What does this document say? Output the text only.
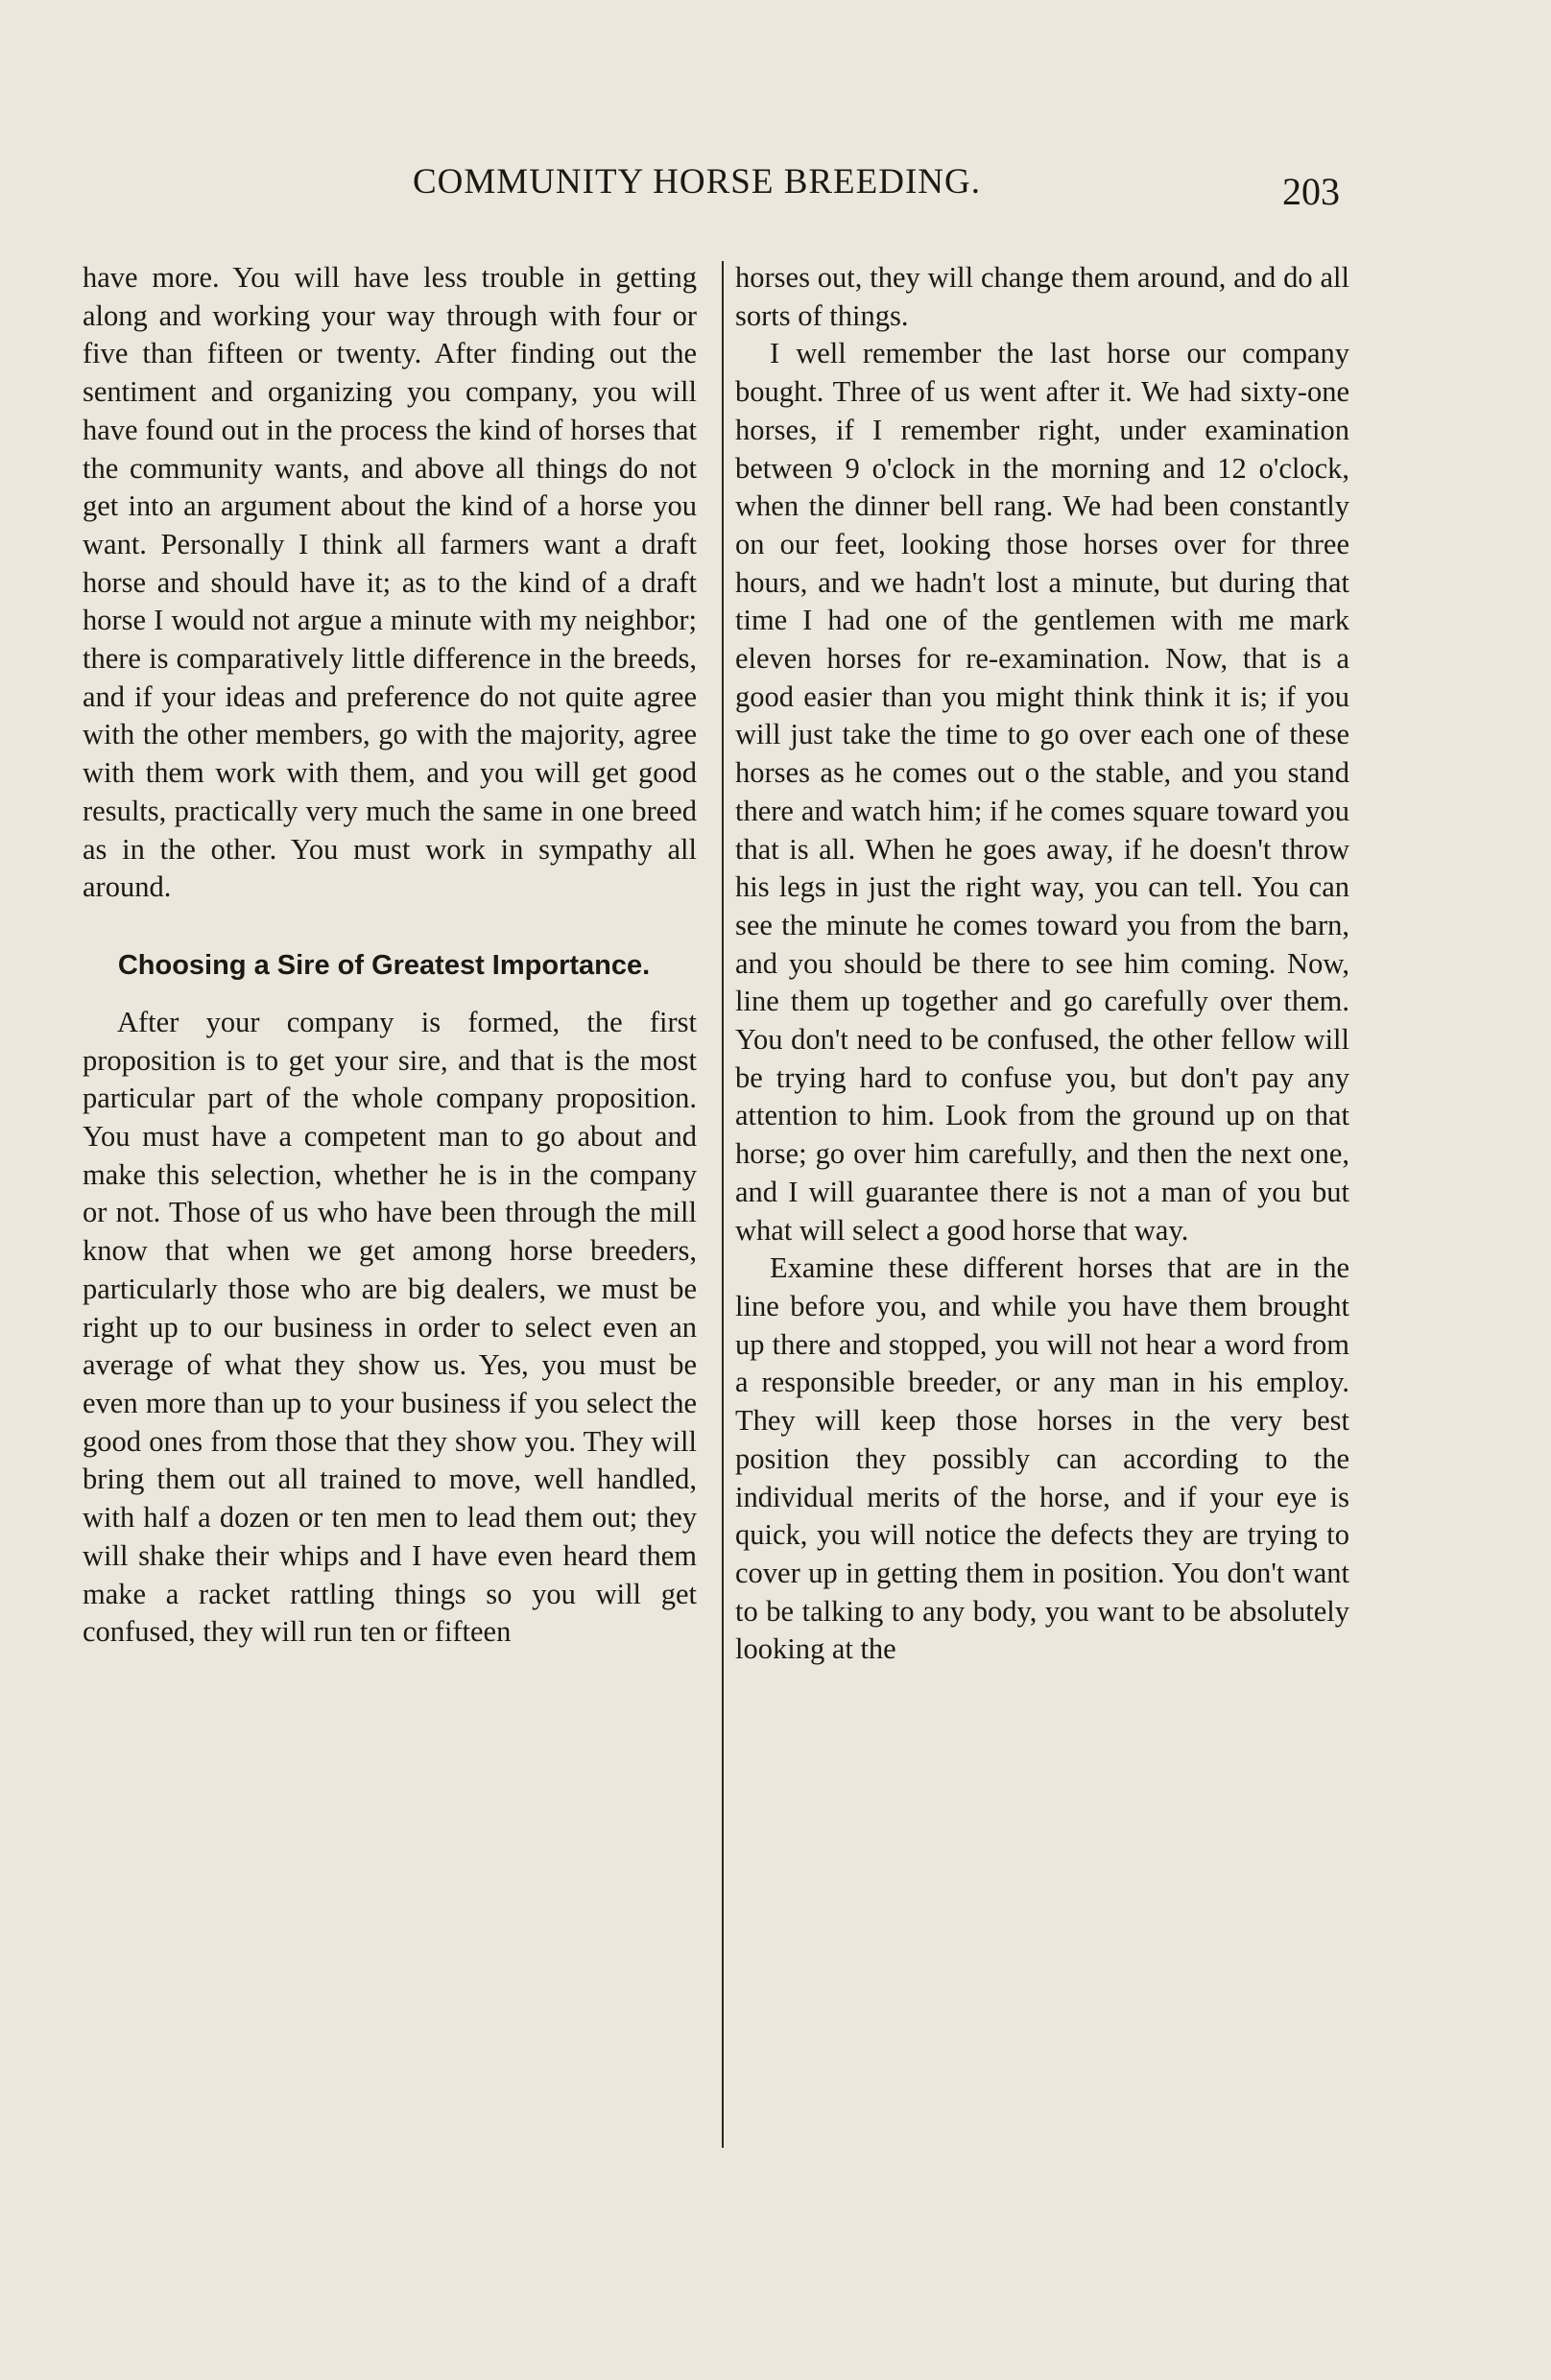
COMMUNITY HORSE BREEDING.	203

have more. You will have less trouble in getting along and working your way through with four or five than fifteen or twenty. After finding out the sentiment and organizing you company, you will have found out in the process the kind of horses that the community wants, and above all things do not get into an argument about the kind of a horse you want. Personally I think all farmers want a draft horse and should have it; as to the kind of a draft horse I would not argue a minute with my neighbor; there is comparatively little difference in the breeds, and if your ideas and preference do not quite agree with the other members, go with the majority, agree with them work with them, and you will get good results, practically very much the same in one breed as in the other. You must work in sympathy all around.

Choosing a Sire of Greatest Importance.

After your company is formed, the first proposition is to get your sire, and that is the most particular part of the whole company proposition. You must have a competent man to go about and make this selection, whether he is in the company or not. Those of us who have been through the mill know that when we get among horse breeders, particularly those who are big dealers, we must be right up to our business in order to select even an average of what they show us. Yes, you must be even more than up to your business if you select the good ones from those that they show you. They will bring them out all trained to move, well handled, with half a dozen or ten men to lead them out; they will shake their whips and I have even heard them make a racket rattling things so you will get confused, they will run ten or fifteen

horses out, they will change them around, and do all sorts of things.

I well remember the last horse our company bought. Three of us went after it. We had sixty-one horses, if I remember right, under examination between 9 o'clock in the morning and 12 o'clock, when the dinner bell rang. We had been constantly on our feet, looking those horses over for three hours, and we hadn't lost a minute, but during that time I had one of the gentlemen with me mark eleven horses for re-examination. Now, that is a good easier than you might think think it is; if you will just take the time to go over each one of these horses as he comes out o the stable, and you stand there and watch him; if he comes square toward you that is all. When he goes away, if he doesn't throw his legs in just the right way, you can tell. You can see the minute he comes toward you from the barn, and you should be there to see him coming. Now, line them up together and go carefully over them. You don't need to be confused, the other fellow will be trying hard to confuse you, but don't pay any attention to him. Look from the ground up on that horse; go over him carefully, and then the next one, and I will guarantee there is not a man of you but what will select a good horse that way.

Examine these different horses that are in the line before you, and while you have them brought up there and stopped, you will not hear a word from a responsible breeder, or any man in his employ. They will keep those horses in the very best position they possibly can according to the individual merits of the horse, and if your eye is quick, you will notice the defects they are trying to cover up in getting them in position. You don't want to be talking to any body, you want to be absolutely looking at the
